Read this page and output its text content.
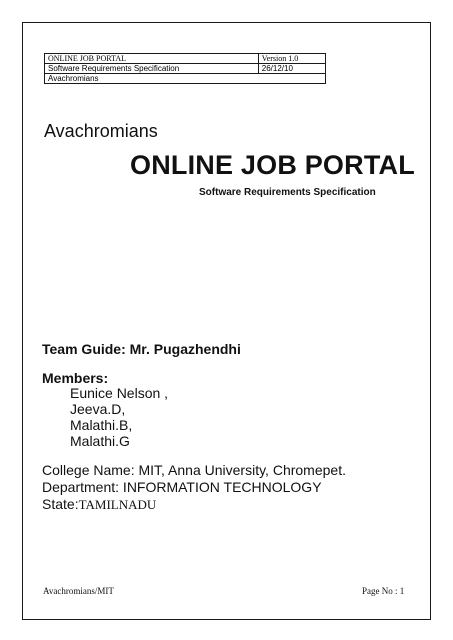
ONLINE JOB PORTAL	Version 1.0
Software Requirements Specification	26/12/10
Avachromians	
Avachromians
ONLINE JOB PORTAL
Software Requirements Specification
Team Guide: Mr. Pugazhendhi
Members:
Eunice Nelson ,
Jeeva.D,
Malathi.B,
Malathi.G
College Name: MIT, Anna University, Chromepet.
Department: INFORMATION TECHNOLOGY
State:TAMILNADU
Avachromians/MIT	Page No : 1
